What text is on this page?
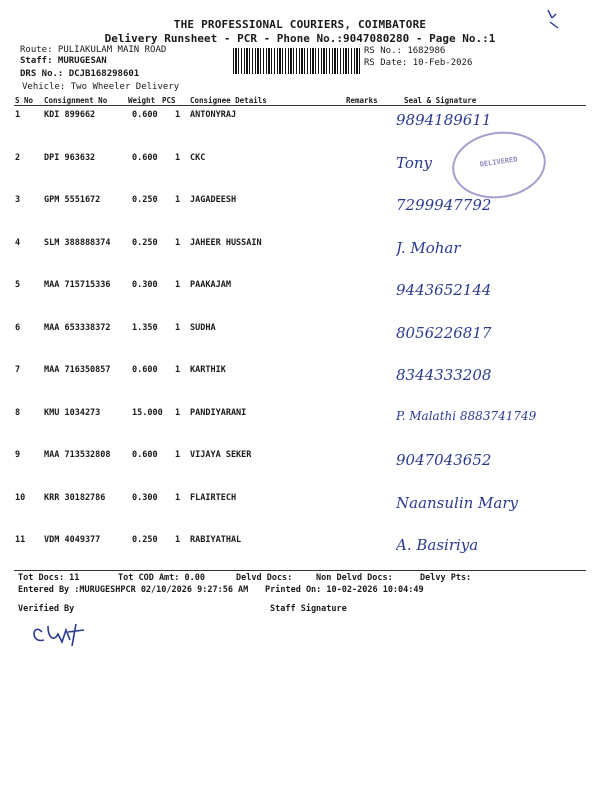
THE PROFESSIONAL COURIERS, COIMBATORE
Delivery Runsheet - PCR - Phone No.:9047080280 - Page No.:1
Route: PULIAKULAM MAIN ROAD
Staff: MURUGESAN
DRS No.: DCJB168298601
Vehicle: Two Wheeler Delivery
RS No.: 1682986
RS Date: 10-Feb-2026
S No Consignment No	Weight PCS Consignee Details	Remarks	Seal & Signature
1	KDI 899662	0.600 1 ANTONYRAJ	9894189611
2	DPI 963632	0.600 1 CKC	Tony
3	GPM 5551672	0.250 1 JAGADEESH	7299947792
4	SLM 388888374	0.250 1 JAHEER HUSSAIN	J. Mohar
5	MAA 715715336	0.300 1 PAAKAJAM	9443652144
6	MAA 653338372	1.350 1 SUDHA	8056226817
7	MAA 716350857	0.600 1 KARTHIK	8344333208
8	KMU 1034273	15.000 1 PANDIYARANI	P. Malathi 8883741749
9	MAA 713532808	0.600 1 VIJAYA SEKER	9047043652
10 KRR 30182786	0.300 1 FLAIRTECH	Naansulin Mary
11 VDM 4049377	0.250 1 RABIYATHAL	A. Basiriya
DELIVERED
Tot Docs: 11	Tot COD Amt: 0.00	Delvd Docs:	Non Delvd Docs:	Delvy Pts:
Entered By :MURUGESHPCR 02/10/2026 9:27:56 AM Printed On: 10-02-2026 10:04:49
Verified By	Staff Signature
